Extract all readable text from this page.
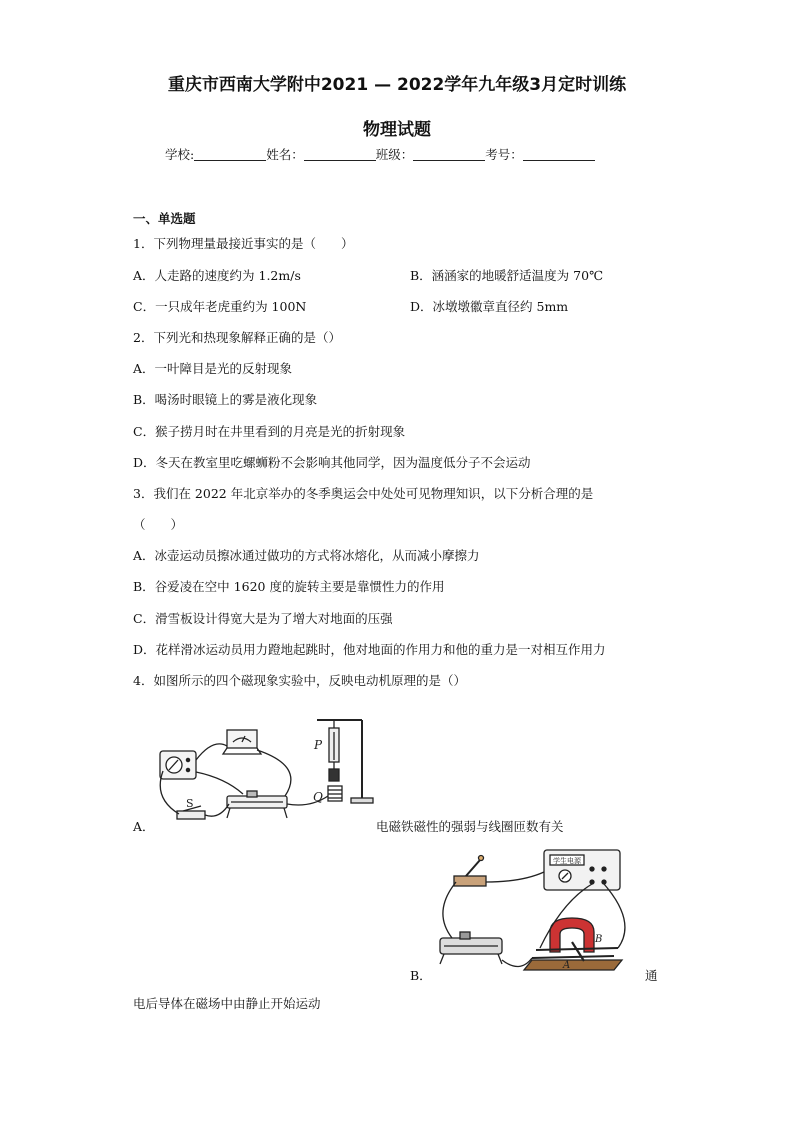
重庆市西南大学附中2021 — 2022学年九年级3月定时训练
物理试题
学校:	姓名：	班级：	考号：
一、单选题
1．下列物理量最接近事实的是（　　）
A．人走路的速度约为 1.2m/s	B．涵涵家的地暖舒适温度为 70℃
C．一只成年老虎重约为 100N	D．冰墩墩徽章直径约 5mm
2．下列光和热现象解释正确的是（）
A．一叶障目是光的反射现象
B．喝汤时眼镜上的雾是液化现象
C．猴子捞月时在井里看到的月亮是光的折射现象
D．冬天在教室里吃螺蛳粉不会影响其他同学，因为温度低分子不会运动
3．我们在 2022 年北京举办的冬季奥运会中处处可见物理知识，以下分析合理的是
（　　）
A．冰壶运动员擦冰通过做功的方式将冰熔化，从而减小摩擦力
B．谷爱凌在空中 1620 度的旋转主要是靠惯性力的作用
C．滑雪板设计得宽大是为了增大对地面的压强
D．花样滑冰运动员用力蹬地起跳时，他对地面的作用力和他的重力是一对相互作用力
4．如图所示的四个磁现象实验中，反映电动机原理的是（）
P
Q
S
A．	电磁铁磁性的强弱与线圈匝数有关
学生电源
B
A
B．	通
电后导体在磁场中由静止开始运动
